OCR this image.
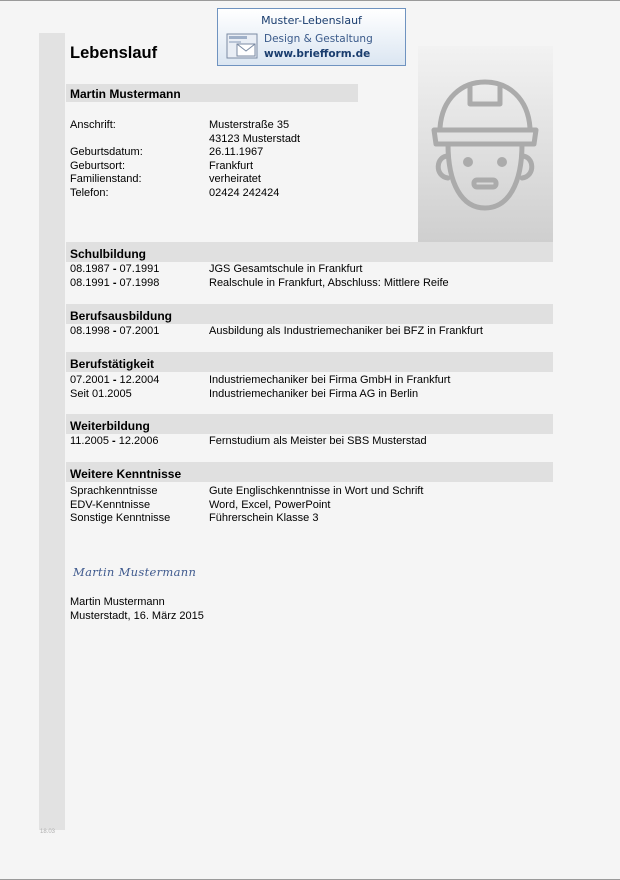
18.03
Muster-Lebenslauf
Design & Gestaltung
www.briefform.de
Lebenslauf
Martin Mustermann
Anschrift:	Musterstraße 35
43123 Musterstadt
Geburtsdatum:	26.11.1967
Geburtsort:	Frankfurt
Familienstand:	verheiratet
Telefon:	02424 242424
Schulbildung
08.1987 - 07.1991	JGS Gesamtschule in Frankfurt
08.1991 - 07.1998	Realschule in Frankfurt, Abschluss: Mittlere Reife
Berufsausbildung
08.1998 - 07.2001	Ausbildung als Industriemechaniker bei BFZ in Frankfurt
Berufstätigkeit
07.2001 - 12.2004	Industriemechaniker bei Firma GmbH in Frankfurt
Seit 01.2005	Industriemechaniker bei Firma AG in Berlin
Weiterbildung
11.2005 - 12.2006	Fernstudium als Meister bei SBS Musterstad
Weitere Kenntnisse
Sprachkenntnisse	Gute Englischkenntnisse in Wort und Schrift
EDV-Kenntnisse	Word, Excel, PowerPoint
Sonstige Kenntnisse	Führerschein Klasse 3
Martin Mustermann
Martin Mustermann
Musterstadt, 16. März 2015
